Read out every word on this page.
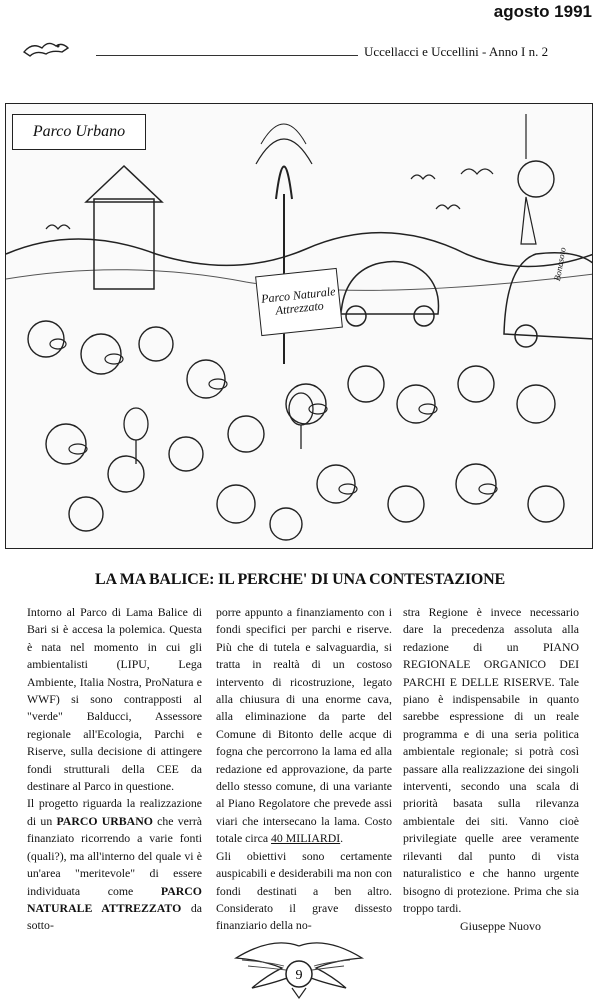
agosto 1991
Uccellacci e Uccellini - Anno I n. 2
Parco Urbano
Parco Naturale Attrezzato
Bonasoto
LA MA BALICE: IL PERCHE' DI UNA CONTESTAZIONE

Intorno al Parco di Lama Balice di Bari si è accesa la polemica. Questa è nata nel momento in cui gli ambientalisti (LIPU, Lega Ambiente, Italia Nostra, ProNatura e WWF) si sono contrapposti al "verde" Balducci, Assessore regionale all'Ecologia, Parchi e Riserve, sulla decisione di attingere fondi strutturali della CEE da destinare al Parco in questione.

Il progetto riguarda la realizzazione di un PARCO URBANO che verrà finanziato ricorrendo a varie fonti (quali?), ma all'interno del quale vi è un'area "meritevole" di essere individuata come PARCO NATURALE ATTREZZATO da sotto-

porre appunto a finanziamento con i fondi specifici per parchi e riserve. Più che di tutela e salvaguardia, si tratta in realtà di un costoso intervento di ricostruzione, legato alla chiusura di una enorme cava, alla eliminazione da parte del Comune di Bitonto delle acque di fogna che percorrono la lama ed alla redazione ed approvazione, da parte dello stesso comune, di una variante al Piano Regolatore che prevede assi viari che intersecano la lama. Costo totale circa 40 MILIARDI.

Gli obiettivi sono certamente auspicabili e desiderabili ma non con fondi destinati a ben altro. Considerato il grave dissesto finanziario della no-

stra Regione è invece necessario dare la precedenza assoluta alla redazione di un PIANO REGIONALE ORGANICO DEI PARCHI E DELLE RISERVE. Tale piano è indispensabile in quanto sarebbe espressione di un reale programma e di una seria politica ambientale regionale; si potrà così passare alla realizzazione dei singoli interventi, secondo una scala di priorità basata sulla rilevanza ambientale dei siti. Vanno cioè privilegiate quelle aree veramente rilevanti dal punto di vista naturalistico e che hanno urgente bisogno di protezione. Prima che sia troppo tardi.

Giuseppe Nuovo
9
